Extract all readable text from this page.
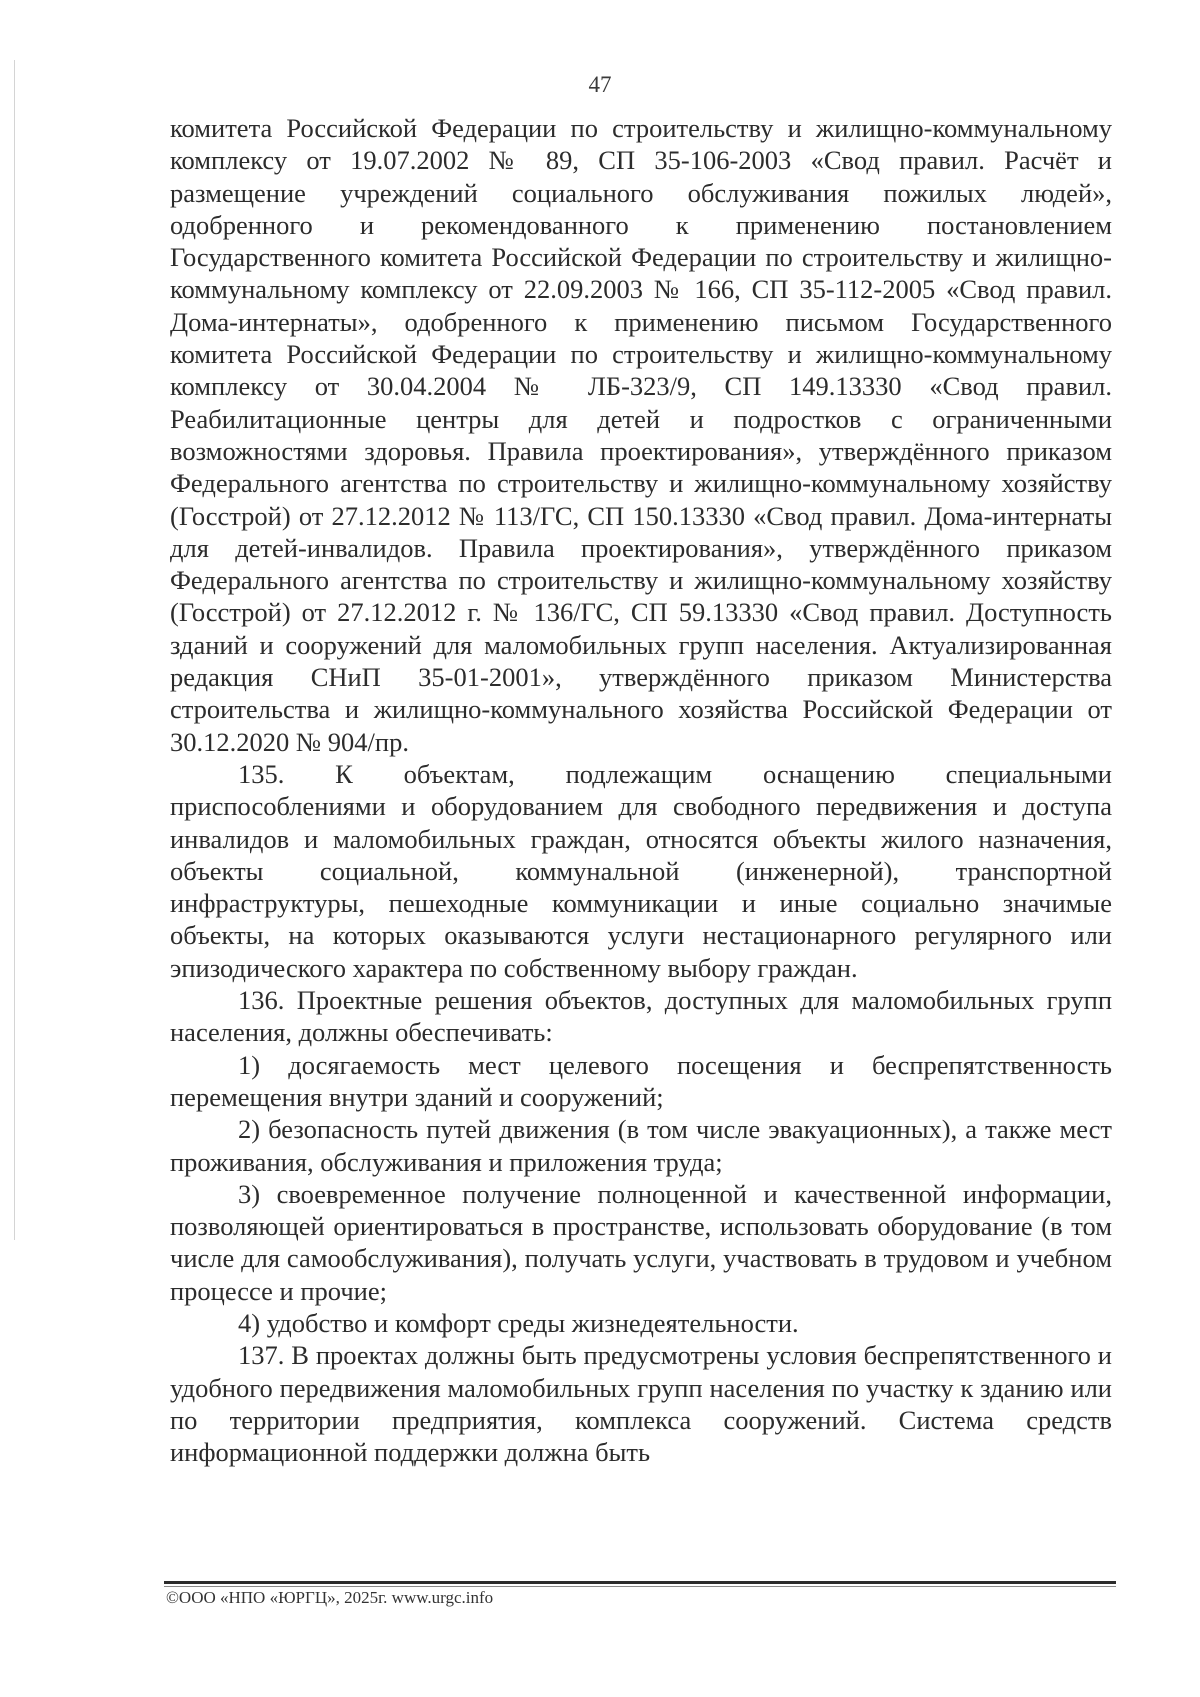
47

комитета Российской Федерации по строительству и жилищно-коммунальному комплексу от 19.07.2002 № 89, СП 35-106-2003 «Свод правил. Расчёт и размещение учреждений социального обслуживания пожилых людей», одобренного и рекомендованного к применению постановлением Государственного комитета Российской Федерации по строительству и жилищно-коммунальному комплексу от 22.09.2003 № 166, СП 35-112-2005 «Свод правил. Дома-интернаты», одобренного к применению письмом Государственного комитета Российской Федерации по строительству и жилищно-коммунальному комплексу от 30.04.2004 № ЛБ-323/9, СП 149.13330 «Свод правил. Реабилитационные центры для детей и подростков с ограниченными возможностями здоровья. Правила проектирования», утверждённого приказом Федерального агентства по строительству и жилищно-коммунальному хозяйству (Госстрой) от 27.12.2012 № 113/ГС, СП 150.13330 «Свод правил. Дома-интернаты для детей-инвалидов. Правила проектирования», утверждённого приказом Федерального агентства по строительству и жилищно-коммунальному хозяйству (Госстрой) от 27.12.2012 г. № 136/ГС, СП 59.13330 «Свод правил. Доступность зданий и сооружений для маломобильных групп населения. Актуализированная редакция СНиП 35-01-2001», утверждённого приказом Министерства строительства и жилищно-коммунального хозяйства Российской Федерации от 30.12.2020 № 904/пр.

135. К объектам, подлежащим оснащению специальными приспособлениями и оборудованием для свободного передвижения и доступа инвалидов и маломобильных граждан, относятся объекты жилого назначения, объекты социальной, коммунальной (инженерной), транспортной инфраструктуры, пешеходные коммуникации и иные социально значимые объекты, на которых оказываются услуги нестационарного регулярного или эпизодического характера по собственному выбору граждан.

136. Проектные решения объектов, доступных для маломобильных групп населения, должны обеспечивать:

1) досягаемость мест целевого посещения и беспрепятственность перемещения внутри зданий и сооружений;

2) безопасность путей движения (в том числе эвакуационных), а также мест проживания, обслуживания и приложения труда;

3) своевременное получение полноценной и качественной информации, позволяющей ориентироваться в пространстве, использовать оборудование (в том числе для самообслуживания), получать услуги, участвовать в трудовом и учебном процессе и прочие;

4) удобство и комфорт среды жизнедеятельности.

137. В проектах должны быть предусмотрены условия беспрепятственного и удобного передвижения маломобильных групп населения по участку к зданию или по территории предприятия, комплекса сооружений. Система средств информационной поддержки должна быть

©ООО «НПО «ЮРГЦ», 2025г. www.urgc.info
